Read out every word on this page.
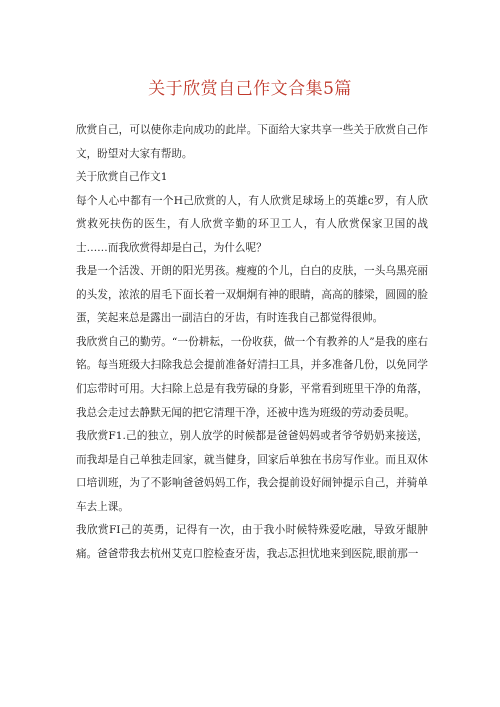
关于欣赏自己作文合集5篇

欣赏自己，可以使你走向成功的此岸。下面给大家共享一些关于欣赏自己作文，盼望对大家有帮助。

关于欣赏自己作文1

每个人心中都有一个H己欣赏的人，有人欣赏足球场上的英雄c罗，有人欣赏救死扶伤的医生，有人欣赏辛勤的环卫工人，有人欣赏保家卫国的战士……而我欣赏得却是白己，为什么呢？

我是一个活泼、开朗的阳光男孩。瘦瘦的个儿，白白的皮肤，一头乌黑亮丽的头发，浓浓的眉毛下面长着一双炯炯有神的眼睛，高高的膝梁，圆圆的脸蛋，笑起来总是露出一副洁白的牙齿，有时连我自己都觉得很帅。

我欣赏自己的勤劳。“一份耕耘，一份收获，做一个有教养的人”是我的座右铭。每当班级大扫除我总会提前准备好清扫工具，并多准备几份，以免同学们忘带时可用。大扫除上总是有我劳碌的身影，平常看到班里干净的角落，我总会走过去静默无闻的把它清理干净，还被中选为班级的劳动委员呢。

我欣赏F1.己的独立，别人放学的时候都是爸爸妈妈或者爷爷奶奶来接送，而我却是自己单独走回家，就当健身，回家后单独在书房写作业。而且双休口培训班，为了不影响爸爸妈妈工作，我会提前设好闹钟提示自己，并骑单车去上课。

我欣赏FI己的英勇，记得有一次，由于我小时候特殊爱吃融，导致牙龈肿痛。爸爸带我去杭州艾克口腔检查牙齿，我忐忑担忧地来到医院,眼前那一
